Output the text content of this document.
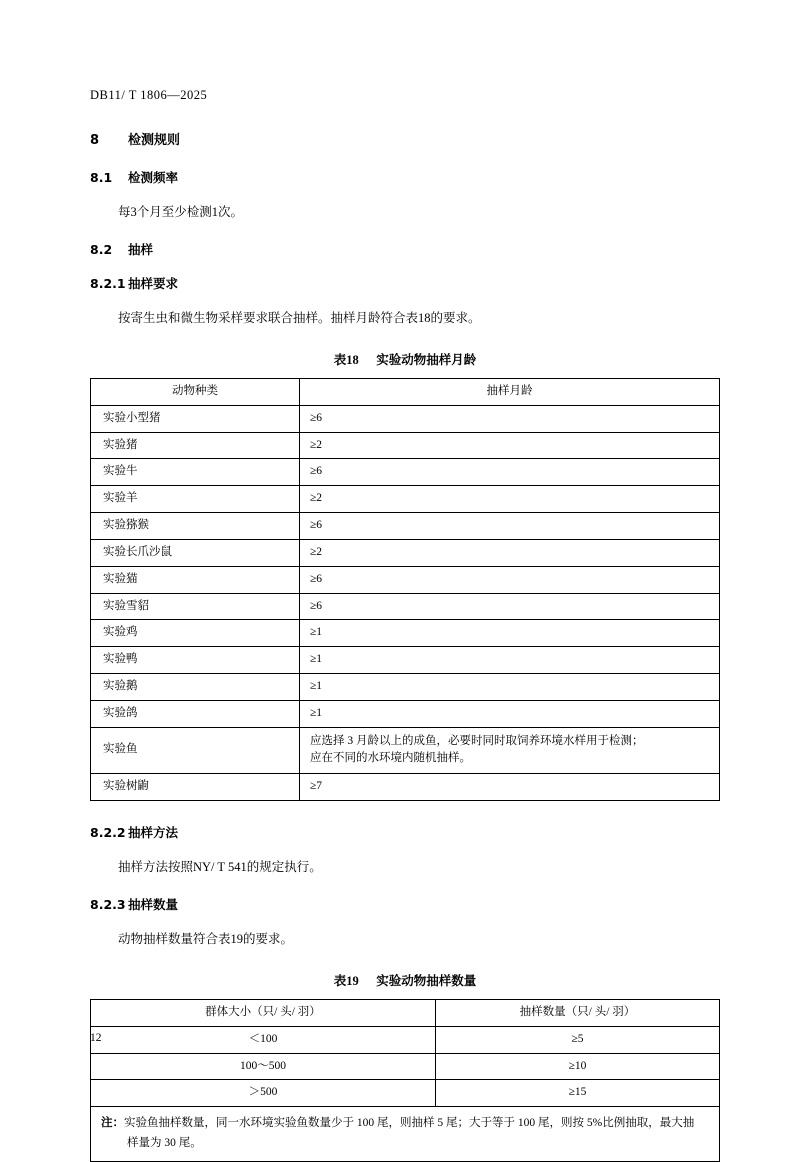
DB11/ T 1806—2025
8 检测规则
8.1 检测频率
每3个月至少检测1次。
8.2 抽样
8.2.1 抽样要求
按寄生虫和微生物采样要求联合抽样。抽样月龄符合表18的要求。
表18 实验动物抽样月龄
动物种类	抽样月龄
实验小型猪	≥6
实验猪	≥2
实验牛	≥6
实验羊	≥2
实验猕猴	≥6
实验长爪沙鼠	≥2
实验猫	≥6
实验雪貂	≥6
实验鸡	≥1
实验鸭	≥1
实验鹅	≥1
实验鸽	≥1
实验鱼	应选择 3 月龄以上的成鱼，必要时同时取饲养环境水样用于检测；
应在不同的水环境内随机抽样。
实验树鼩	≥7
8.2.2 抽样方法
抽样方法按照NY/ T 541的规定执行。
8.2.3 抽样数量
动物抽样数量符合表19的要求。
表19 实验动物抽样数量
群体大小（只/ 头/ 羽）	抽样数量（只/ 头/ 羽）
＜100	≥5
100～500	≥10
＞500	≥15

注：实验鱼抽样数量，同一水环境实验鱼数量少于 100 尾，则抽样 5 尾；大于等于 100 尾，则按 5%比例抽取，最大抽
样量为 30 尾。	
12
